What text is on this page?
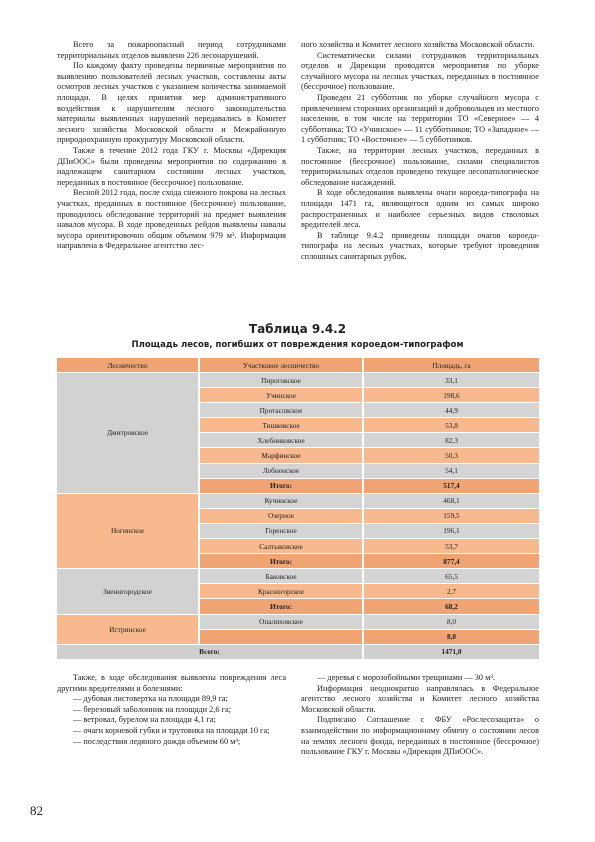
Всего за пожароопасный период сотрудниками территориальных отделов выявлено 226 лесонарушений.

По каждому факту проведены первичные мероприятия по выявлению пользователей лесных участков, составлены акты осмотров лесных участков с указанием количества занимаемой площади. В целях принятия мер административного воздействия к нарушителям лесного законодательства материалы выявленных нарушений передавались в Комитет лесного хозяйства Московской области и Межрайонную природоохранную прокуратуру Московской области.

Также в течение 2012 года ГКУ г. Москвы «Дирекция ДПиООС» были проведены мероприятия по содержанию в надлежащем санитарном состоянии лесных участков, переданных в постоянное (бессрочное) пользование.

Весной 2012 года, после схода снежного покрова на лесных участках, преданных в постоянное (бессрочное) пользование, проводилось обследование территорий на предмет выявления навалов мусора. В ходе проведенных рейдов выявлены навалы мусора ориентировочно общим объемом 979 м³. Информация направлена в Федеральное агентство лес-

ного хозяйства и Комитет лесного хозяйства Московской области.

Систематически силами сотрудников территориальных отделов и Дирекции проводятся мероприятия по уборке случайного мусора на лесных участках, переданных в постоянное (бессрочное) пользование.

Проведен 21 субботник по уборке случайного мусора с привлечением сторонних организаций и добровольцев из местного населения, в том числе на территории ТО «Северное» — 4 субботника; ТО «Учинское» — 11 субботников; ТО «Западное» — 1 субботник; ТО «Восточное» — 5 субботников.

Также, на территории лесных участков, переданных в постоянное (бессрочное) пользование, силами специалистов территориальных отделов проведено текущее лесопатологическое обследование насаждений.

В ходе обследования выявлены очаги короеда-типографа на площади 1471 га, являющегося одним из самых широко распространенных и наиболее серьезных видов стволовых вредителей леса.

В таблице 9.4.2 приведены площади очагов короеда-типографа на лесных участках, которые требуют проведения сплошных санитарных рубок.

Таблица 9.4.2
Площадь лесов, погибших от повреждения короедом-типографом
Лесничество	Участковое лесничество	Площадь, га
Дмитровское	Пироговское	33,1
	Учинское	198,6
	Протасовское	44,9
	Тишковское	53,8
	Хлебниковское	82,3
	Марфинское	50,3
	Лобненское	54,1
	Итого:	517,4
Ногинское	Кучинское	468,1
	Озерное	159,5
	Горенское	196,1
	Салтыковское	53,7
	Итого:	877,4
Звенигородское	Баковское	65,5
	Красногорское	2,7
	Итого:	68,2
Истринское	Опалиховское	8,0
		8,0
Всего:		1471,0

Также, в ходе обследования выявлены повреждения леса другими вредителями и болезнями:

— дубовая листовертка на площади 89,9 га;

— березовый заболонник на площади 2,6 га;

— ветровал, бурелом на площади 4,1 га;

— очаги корневой губки и трутовика на площади 10 га;

— последствия ледяного дождя объемом 60 м³;

— деревья с морозобойными трещинами — 30 м³.

Информация неоднократно направлялась в Федеральное агентство лесного хозяйства и Комитет лесного хозяйства Московской области.

Подписано Соглашение с ФБУ «Рослесозащита» о взаимодействии по информационному обмену о состоянии лесов на землях лесного фонда, переданных в постоянное (бессрочное) пользование ГКУ г. Москвы «Дирекция ДПиООС».

82
